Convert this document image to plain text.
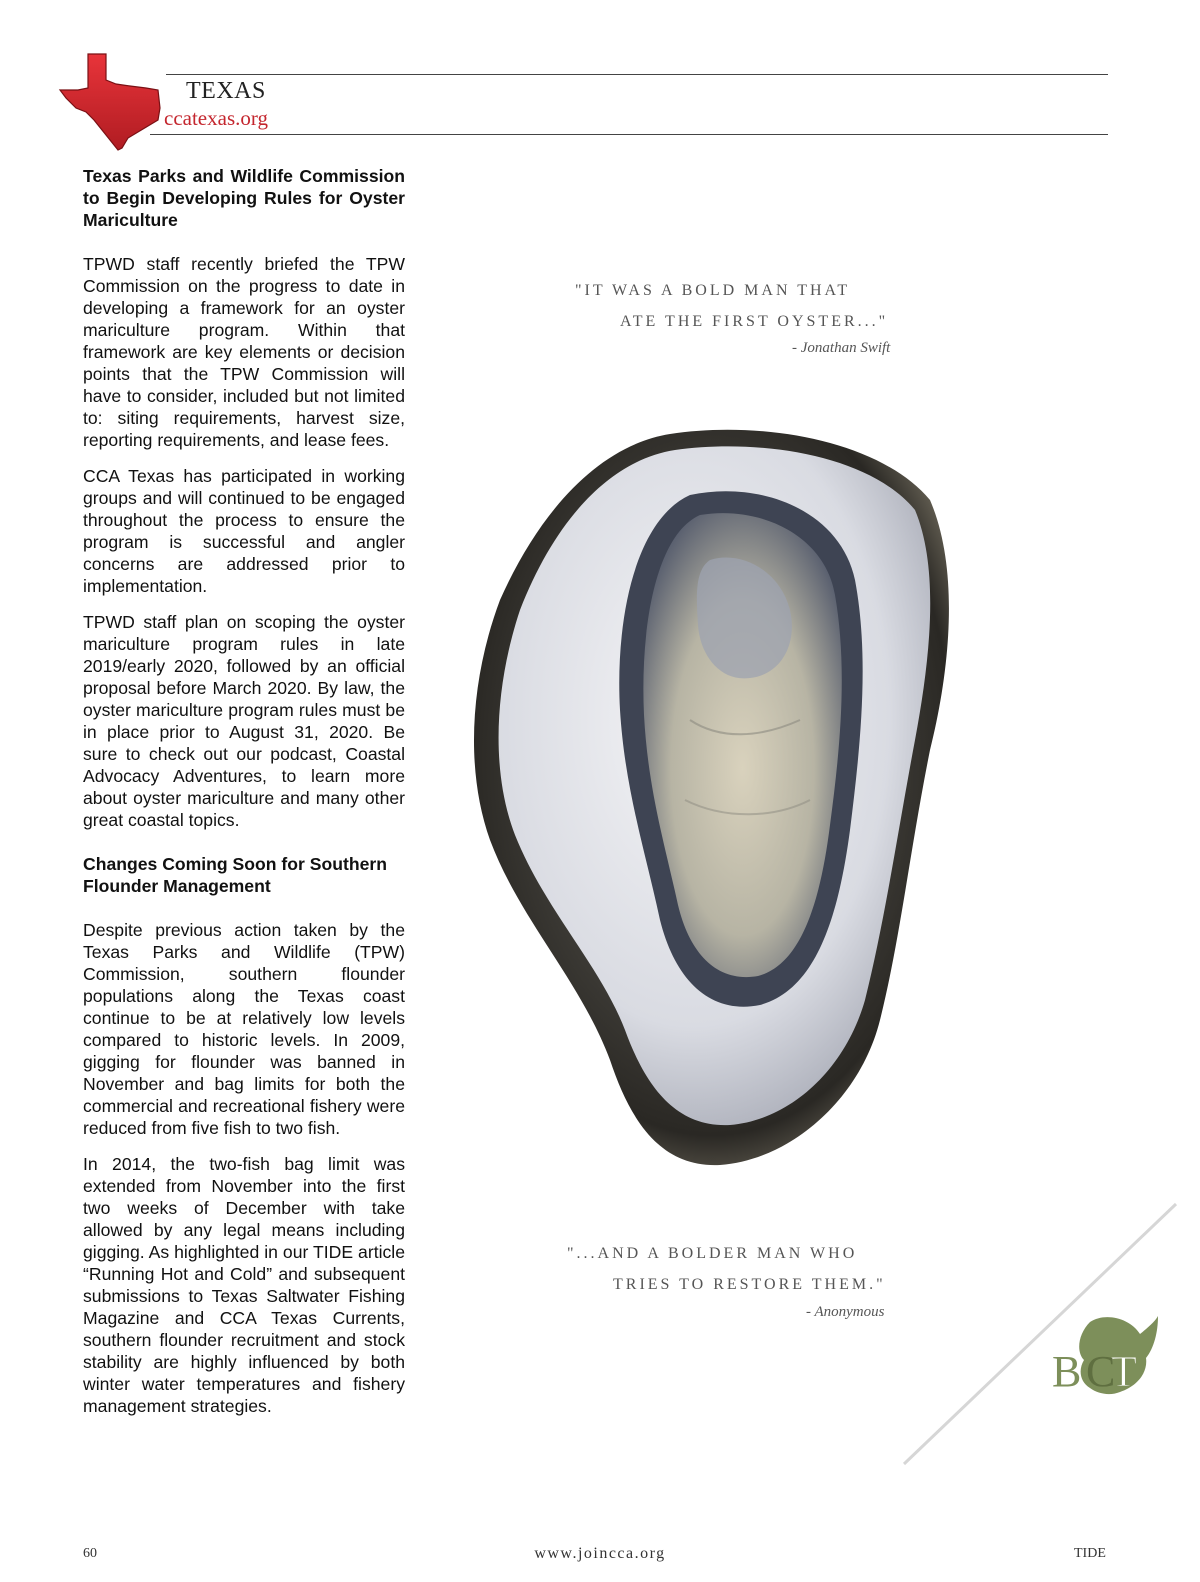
TEXAS
ccatexas.org
Texas Parks and Wildlife Commission to Begin Developing Rules for Oyster Mariculture

TPWD staff recently briefed the TPW Commission on the progress to date in developing a framework for an oyster mariculture program. Within that framework are key elements or decision points that the TPW Commission will have to consider, included but not limited to: siting requirements, harvest size, reporting requirements, and lease fees.

CCA Texas has participated in working groups and will continued to be engaged throughout the process to ensure the program is successful and angler concerns are addressed prior to implementation.

TPWD staff plan on scoping the oyster mariculture program rules in late 2019/early 2020, followed by an official proposal before March 2020. By law, the oyster mariculture program rules must be in place prior to August 31, 2020. Be sure to check out our podcast, Coastal Advocacy Adventures, to learn more about oyster mariculture and many other great coastal topics.

Changes Coming Soon for Southern Flounder Management

Despite previous action taken by the Texas Parks and Wildlife (TPW) Commission, southern flounder populations along the Texas coast continue to be at relatively low levels compared to historic levels. In 2009, gigging for flounder was banned in November and bag limits for both the commercial and recreational fishery were reduced from five fish to two fish.

In 2014, the two-fish bag limit was extended from November into the first two weeks of December with take allowed by any legal means including gigging. As highlighted in our TIDE article “Running Hot and Cold” and subsequent submissions to Texas Saltwater Fishing Magazine and CCA Texas Currents, southern flounder recruitment and stock stability are highly influenced by both winter water temperatures and fishery management strategies.

"IT WAS A BOLD MAN THAT
ATE THE FIRST OYSTER..."
- Jonathan Swift
"...AND A BOLDER MAN WHO
TRIES TO RESTORE THEM."
- Anonymous
B T
C
60	www.joincca.org	TIDE
